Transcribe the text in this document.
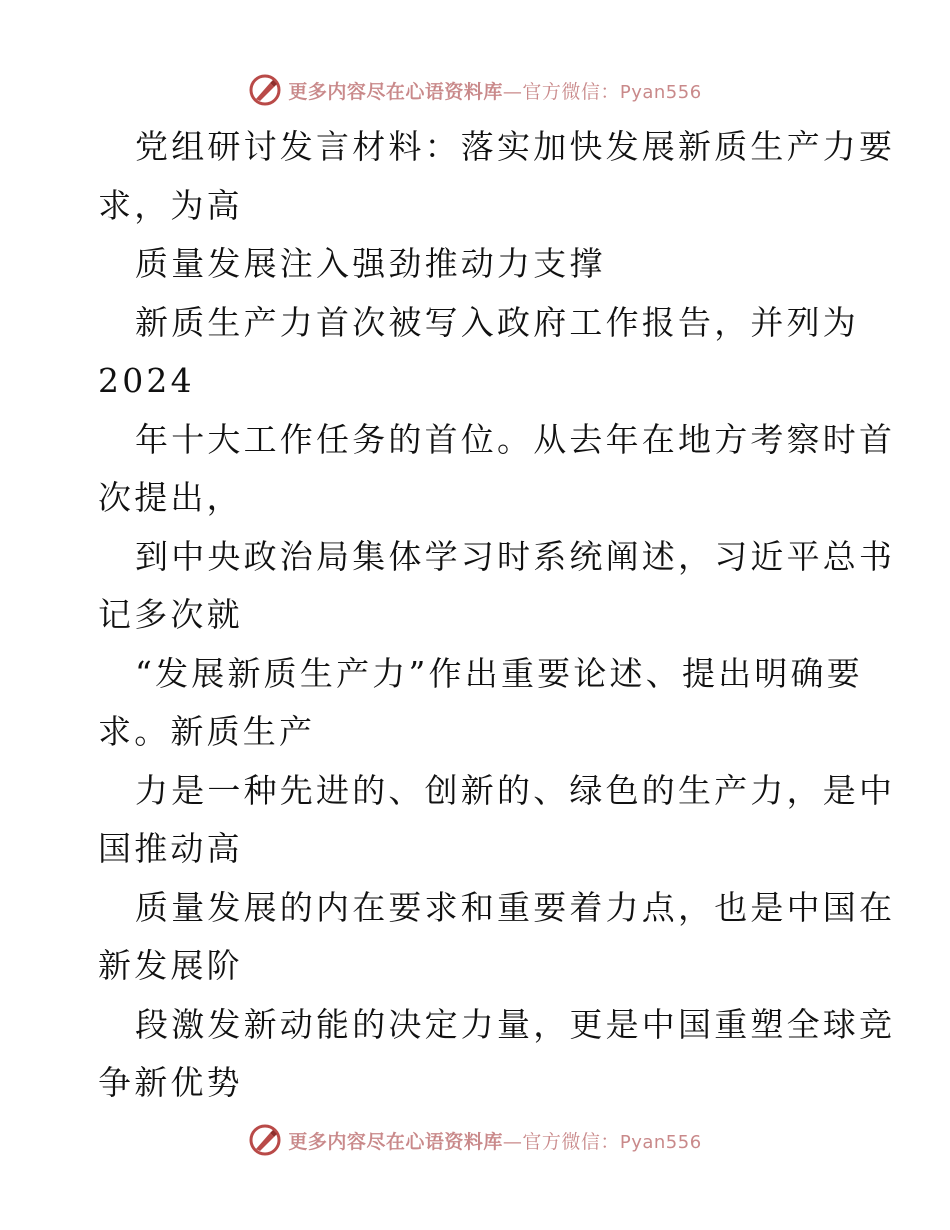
更多内容尽在心语资料库—官方微信：Pyan556
党组研讨发言材料：落实加快发展新质生产力要
求，为高
质量发展注入强劲推动力支撑
新质生产力首次被写入政府工作报告，并列为
2024
年十大工作任务的首位。从去年在地方考察时首
次提出，
到中央政治局集体学习时系统阐述，习近平总书
记多次就
“发展新质生产力”作出重要论述、提出明确要
求。新质生产
力是一种先进的、创新的、绿色的生产力，是中
国推动高
质量发展的内在要求和重要着力点，也是中国在
新发展阶
段激发新动能的决定力量，更是中国重塑全球竞
争新优势
更多内容尽在心语资料库—官方微信：Pyan556
